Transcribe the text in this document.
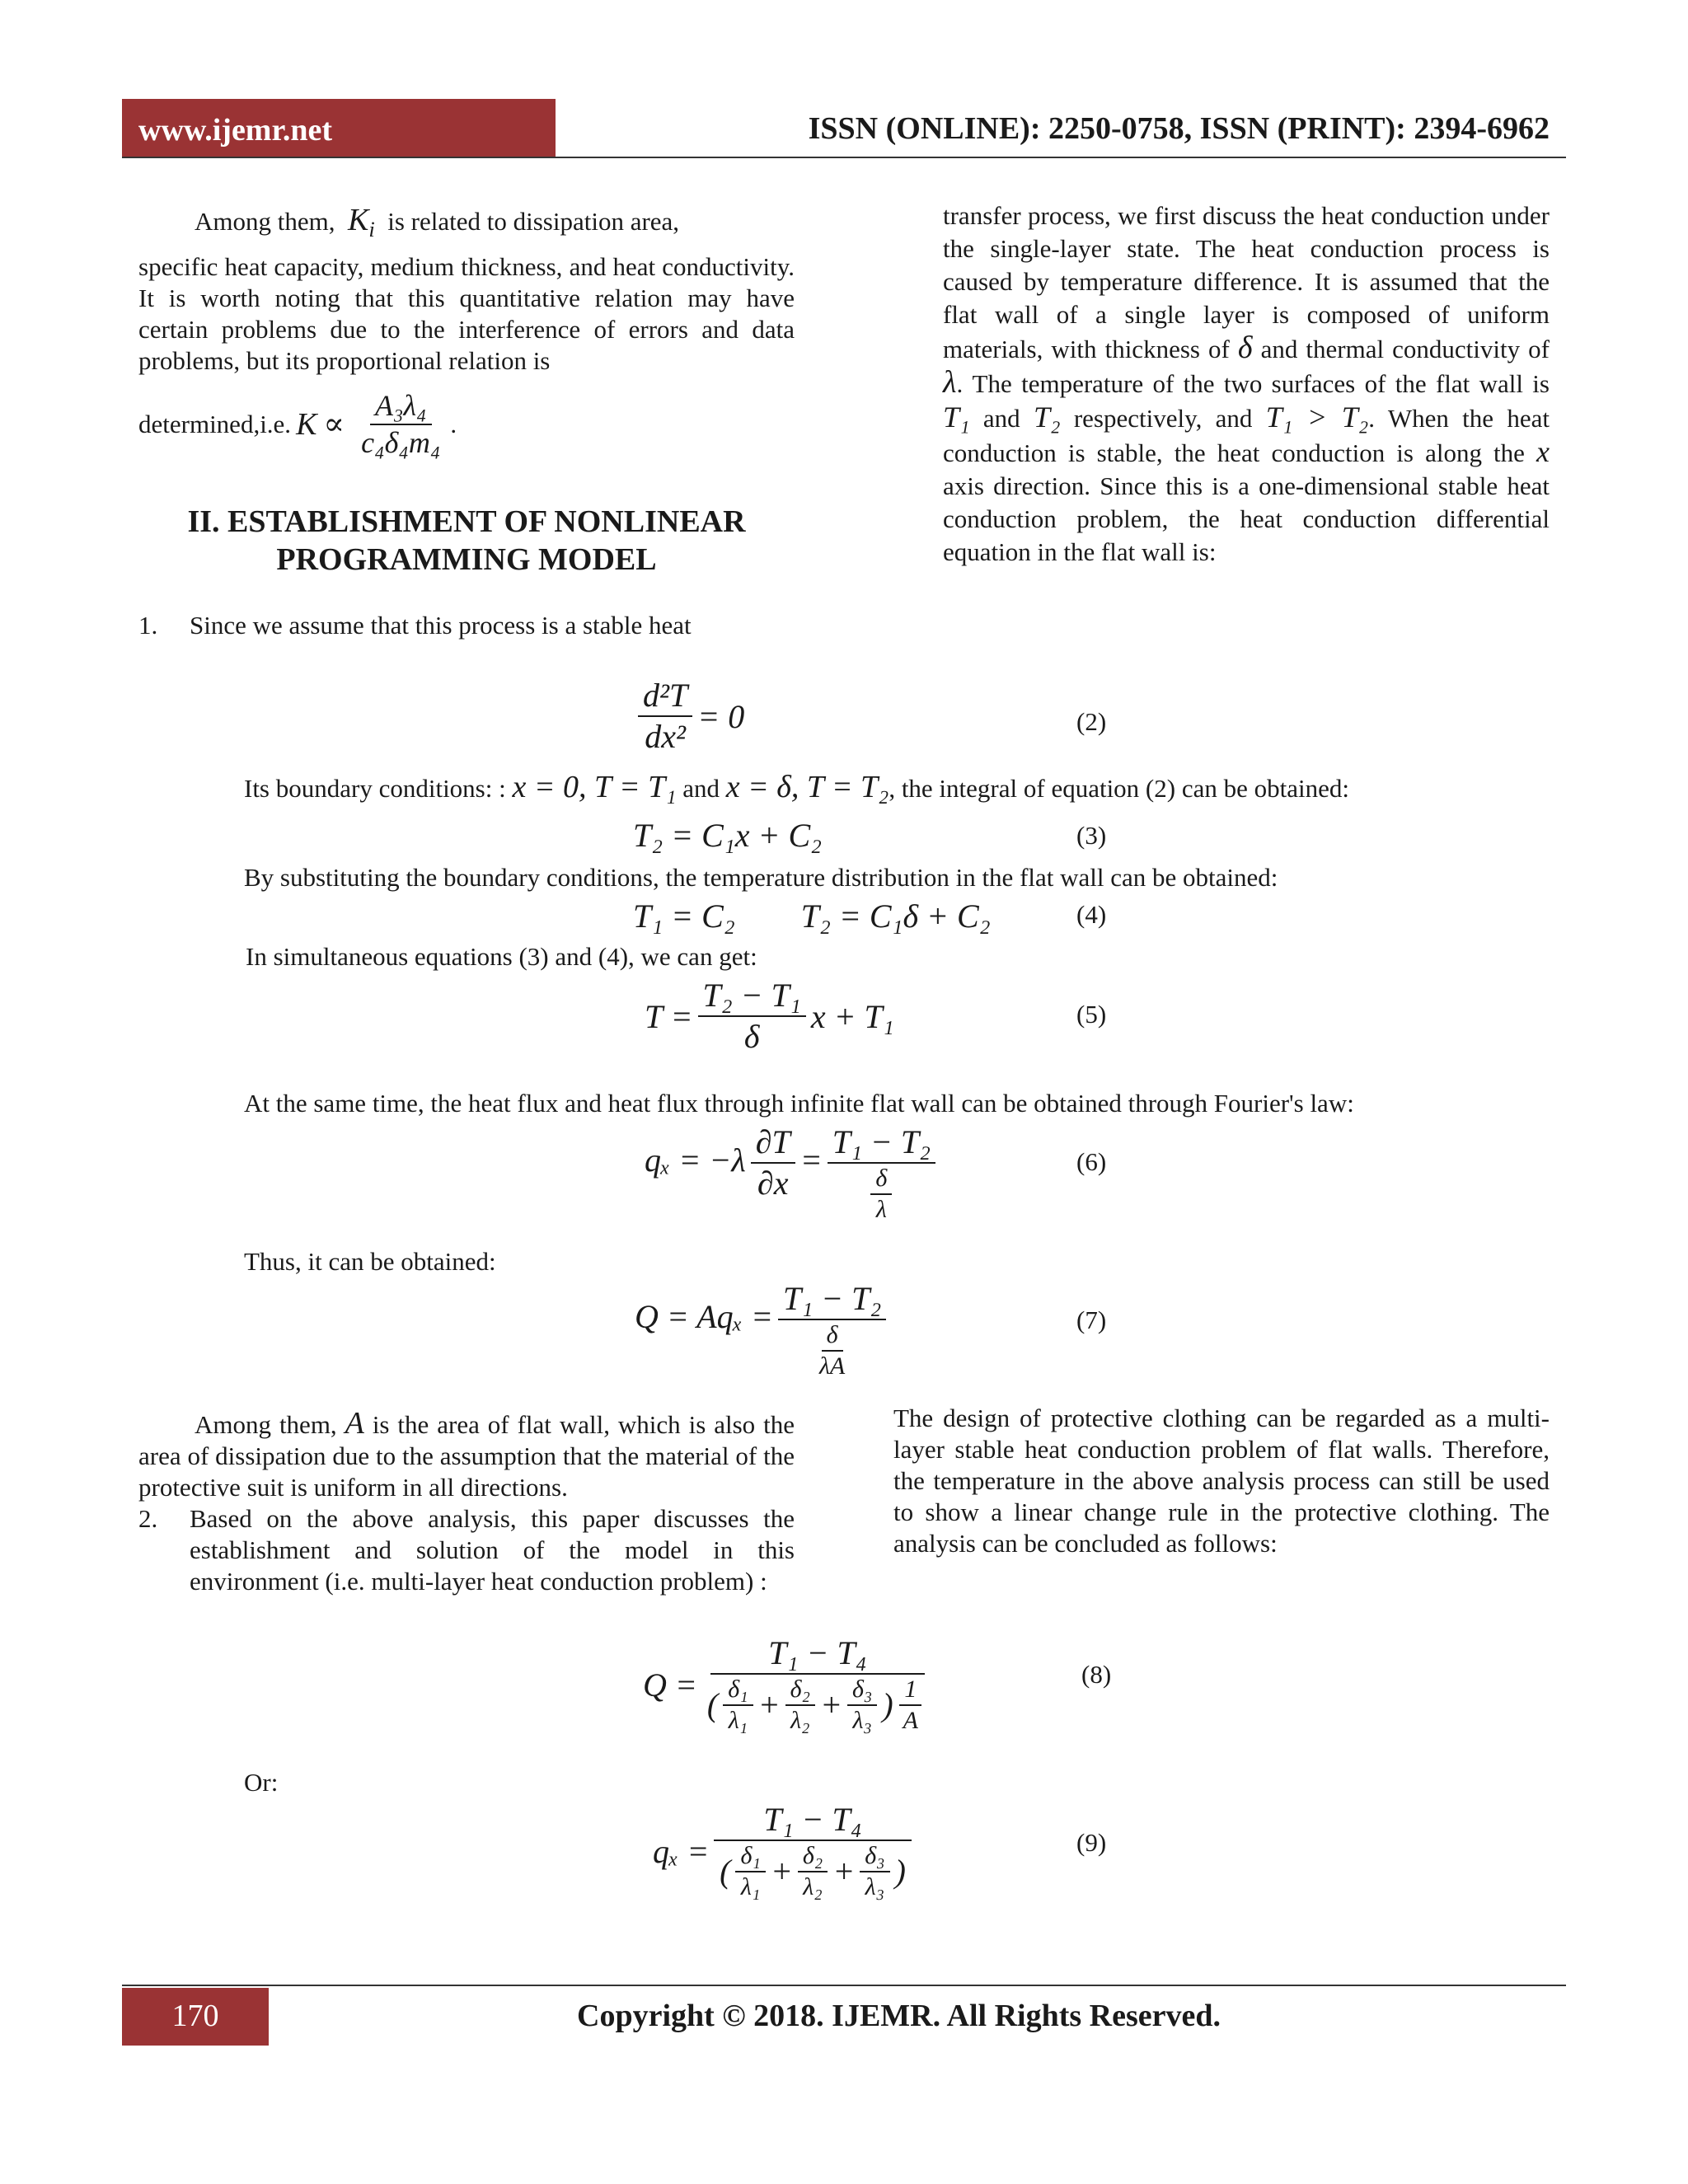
www.ijemr.net	ISSN (ONLINE): 2250-0758, ISSN (PRINT): 2394-6962
Among them, $K_i$ is related to dissipation area,
specific heat capacity, medium thickness, and heat conductivity. It is worth noting that this quantitative relation may have certain problems due to the interference of errors and data problems, but its proportional relation is
determined,i.e. $K \propto \frac{\text{A₃λ₄}}{\text{c₄δ₄m₄}}$ .
II. ESTABLISHMENT OF NONLINEAR PROGRAMMING MODEL
1.	Since we assume that this process is a stable heat
transfer process, we first discuss the heat conduction under the single-layer state. The heat conduction process is caused by temperature difference. It is assumed that the flat wall of a single layer is composed of uniform materials, with thickness of δ and thermal conductivity of λ. The temperature of the two surfaces of the flat wall is T₁ and T₂ respectively, and T₁ > T₂. When the heat conduction is stable, the heat conduction is along the x axis direction. Since this is a one-dimensional stable heat conduction problem, the heat conduction differential equation in the flat wall is:
$\frac{\text{d²T}}{\text{dx²}} = 0$	(2)
Its boundary conditions: : x = 0, T = T₁ and x = δ, T = T₂, the integral of equation (2) can be obtained:
T₂ = C₁x + C₂	(3)
By substituting the boundary conditions, the temperature distribution in the flat wall can be obtained:
T₁ = C₂        T₂ = C₁δ + C₂	(4)
In simultaneous equations (3) and (4), we can get:
$T = \frac{\text{T₂ − T₁}}{\delta}$ x + T₁	(5)
At the same time, the heat flux and heat flux through infinite flat wall can be obtained through Fourier's law:
$q_x = -\lambda \frac{\partial T}{\partial x} = \frac{\text{T₁ − T₂}}{\frac{\delta}{\lambda}}$	(6)
Thus, it can be obtained:
$Q = Aq_x = \frac{\text{T₁ − T₂}}{\frac{\delta}{\lambda A}}$	(7)
Among them, A is the area of flat wall, which is also the area of dissipation due to the assumption that the material of the protective suit is uniform in all directions.
2.	Based on the above analysis, this paper discusses the establishment and solution of the model in this environment (i.e. multi-layer heat conduction problem) :
The design of protective clothing can be regarded as a multi-layer stable heat conduction problem of flat walls. Therefore, the temperature in the above analysis process can still be used to show a linear change rule in the protective clothing. The analysis can be concluded as follows:
Q =
T₁ − T₄
( $\frac{\text{δ₁}}{\text{λ₁}} + \frac{\text{δ₂}}{\text{λ₂}} + \frac{\text{δ₃}}{\text{λ₃}}$ ) $\frac{1}{A}$
(8)
Or:
$q_x = \frac{\text{T₁ − T₄}}{( \frac{\text{δ₁}}{\text{λ₁}} + \frac{\text{δ₂}}{\text{λ₂}} + \frac{\text{δ₃}}{\text{λ₃}} )}$	(9)
170	Copyright © 2018. IJEMR. All Rights Reserved.
